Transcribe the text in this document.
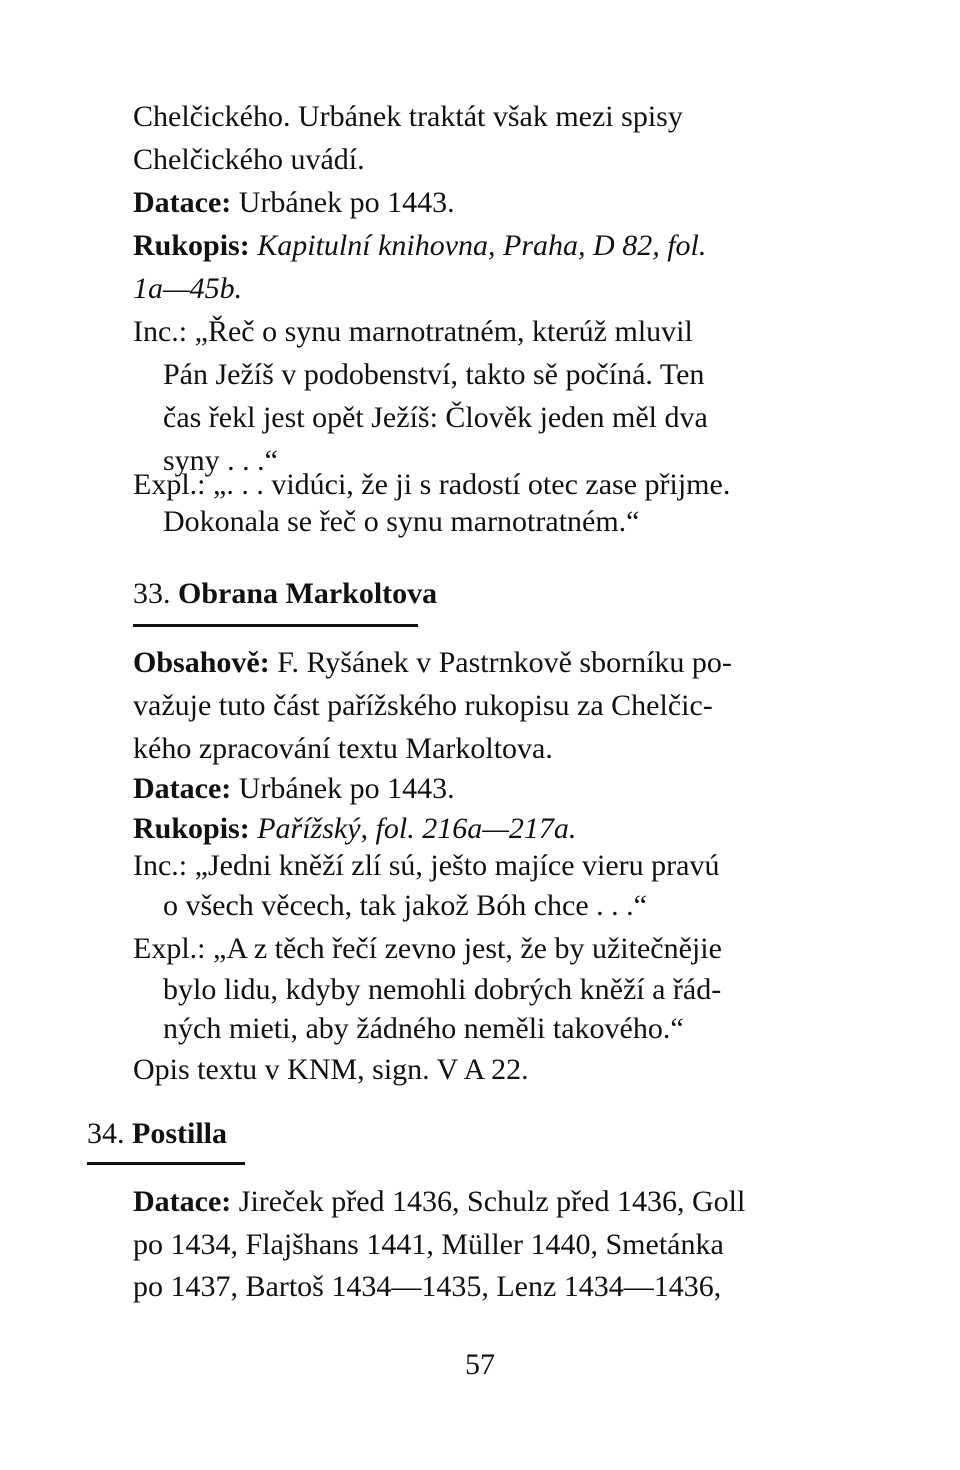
Chelčického. Urbánek traktát však mezi spisy
Chelčického uvádí.
Datace: Urbánek po 1443.
Rukopis: Kapitulní knihovna, Praha, D 82, fol.
1a—45b.
Inc.: „Řeč o synu marnotratném, kterúž mluvil
Pán Ježíš v podobenství, takto sě počíná. Ten
čas řekl jest opět Ježíš: Člověk jeden měl dva
syny . . .“
Expl.: „. . . vidúci, že ji s radostí otec zase přijme.
Dokonala se řeč o synu marnotratném.“
33. Obrana Markoltova
Obsahově: F. Ryšánek v Pastrnkově sborníku po-
važuje tuto část pařížského rukopisu za Chelčic-
kého zpracování textu Markoltova.
Datace: Urbánek po 1443.
Rukopis: Pařížský, fol. 216a—217a.
Inc.: „Jedni kněží zlí sú, ješto majíce vieru pravú
o všech věcech, tak jakož Bóh chce . . .“
Expl.: „A z těch řečí zevno jest, že by užitečnějie
bylo lidu, kdyby nemohli dobrých kněží a řád-
ných mieti, aby žádného neměli takového.“
Opis textu v KNM, sign. V A 22.
34. Postilla
Datace: Jireček před 1436, Schulz před 1436, Goll
po 1434, Flajšhans 1441, Müller 1440, Smetánka
po 1437, Bartoš 1434—1435, Lenz 1434—1436,
57
